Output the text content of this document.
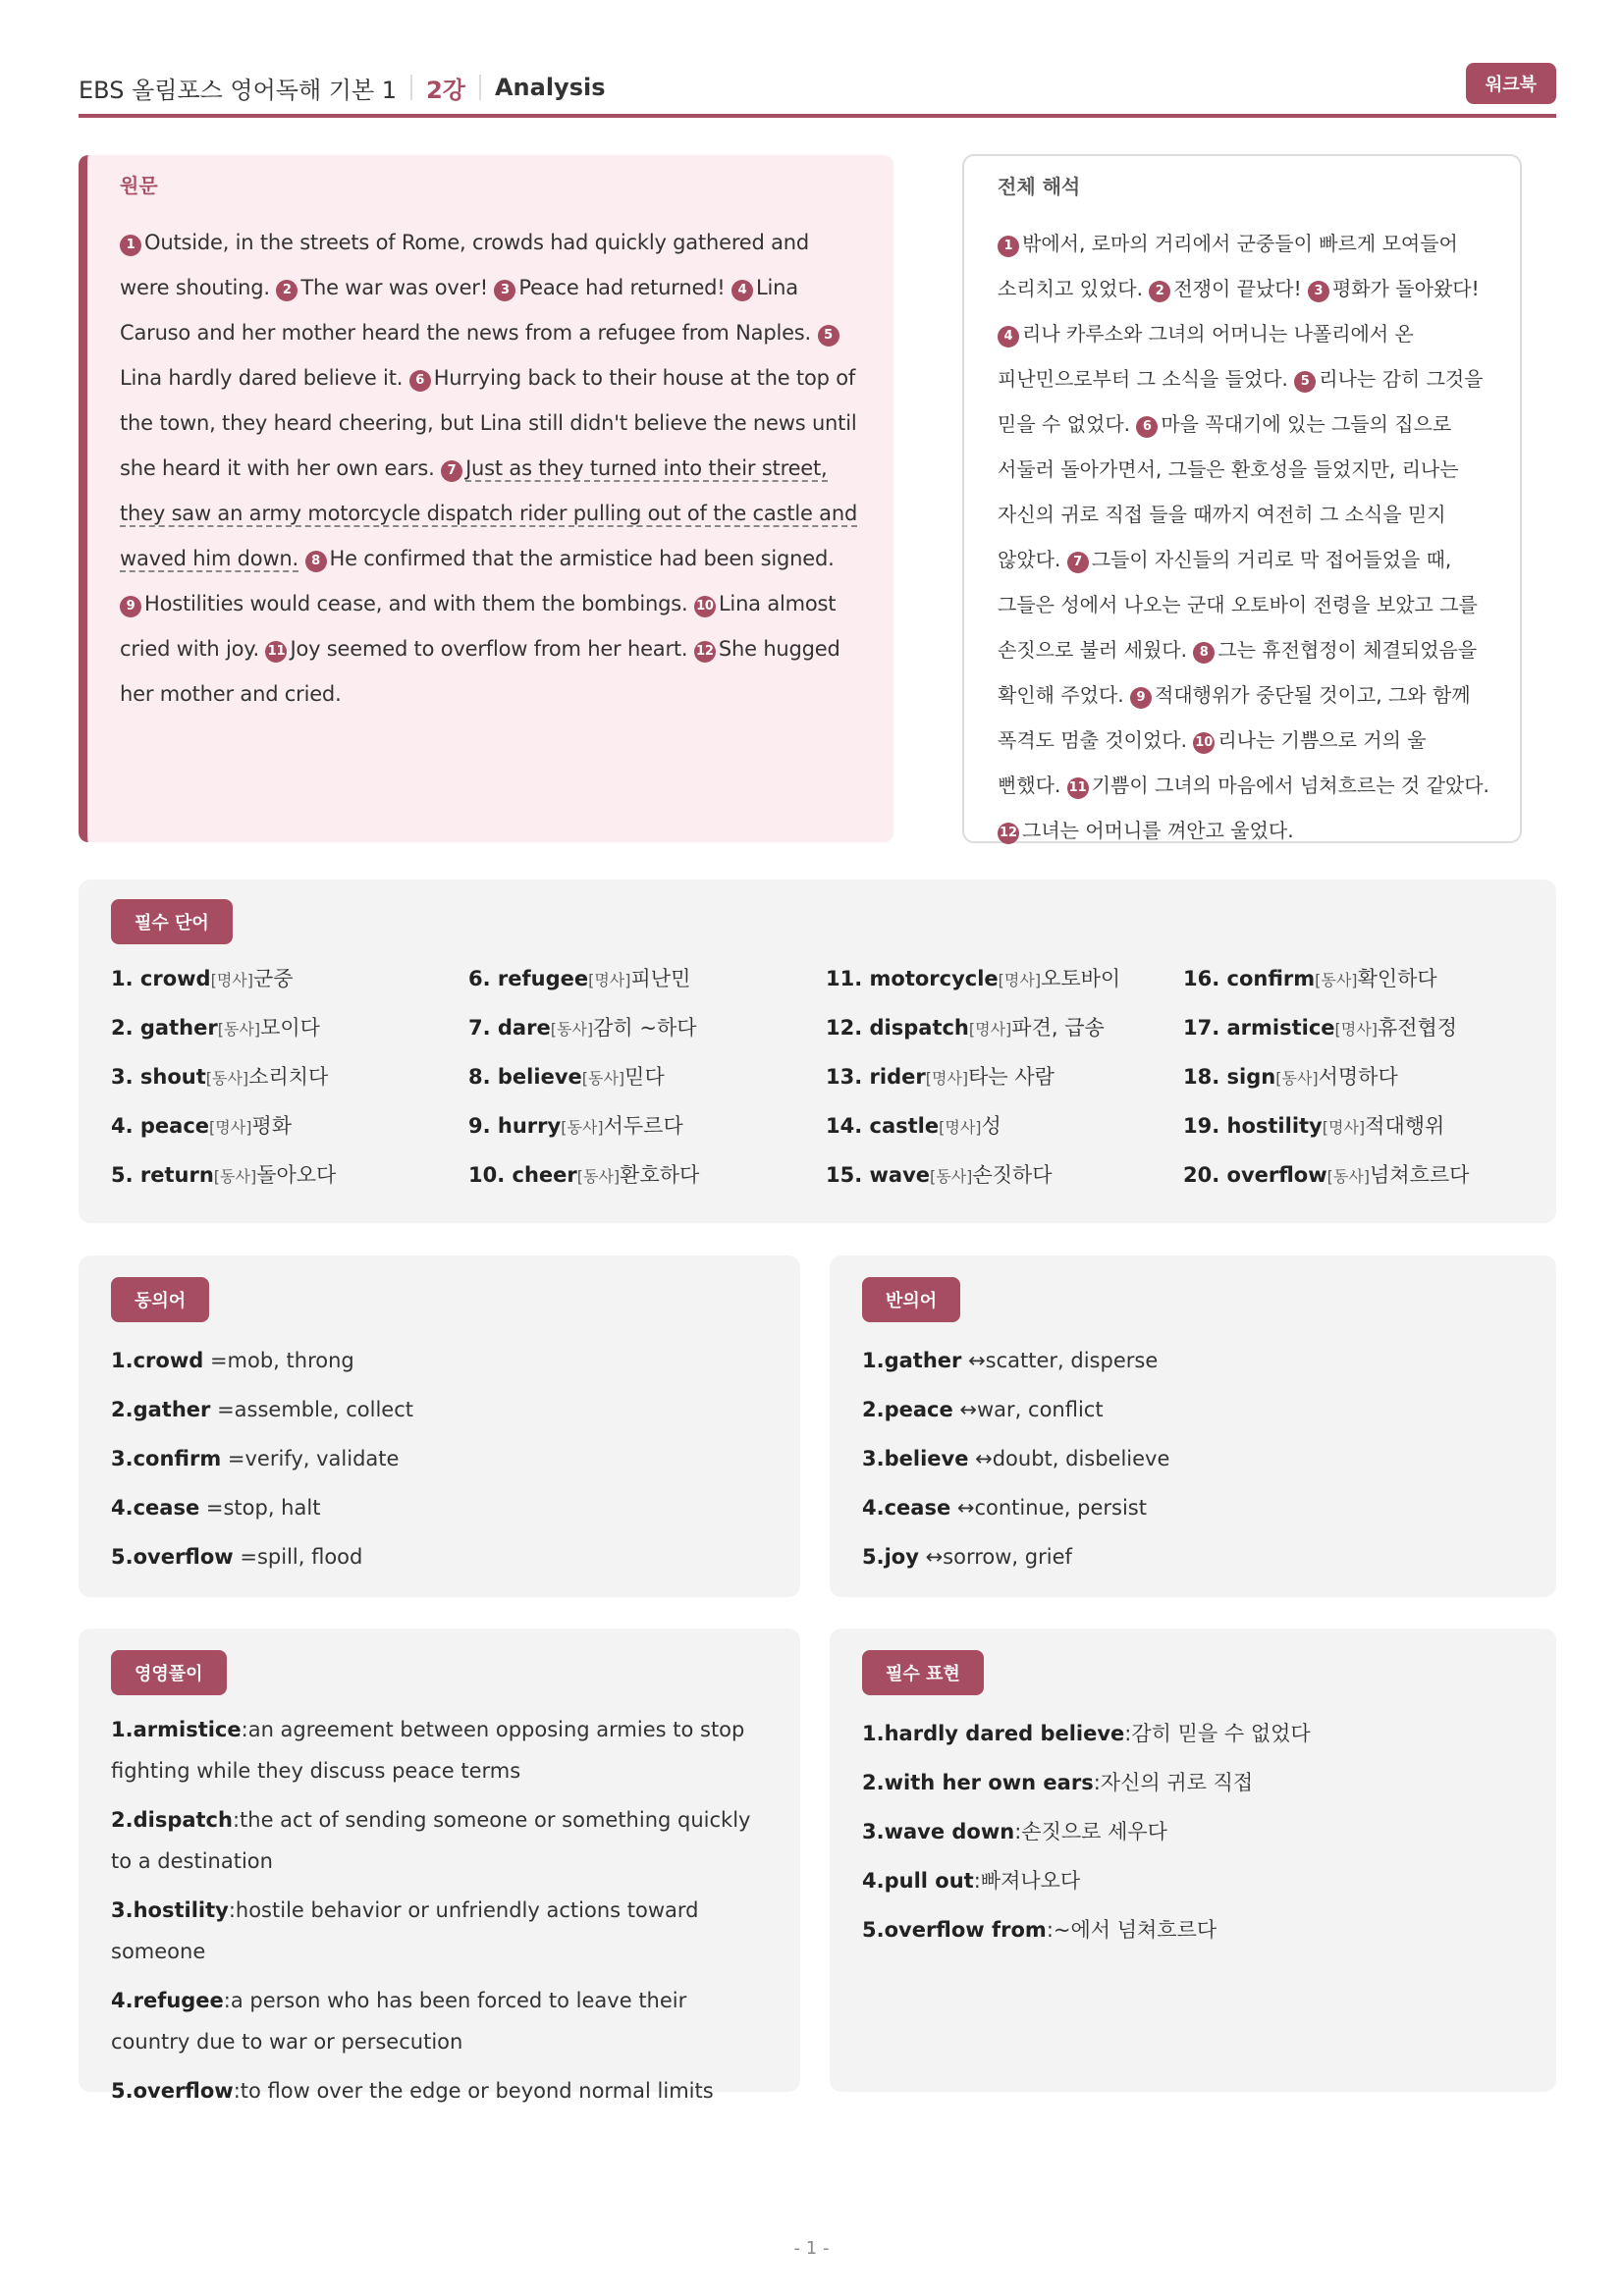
EBS 올림포스 영어독해 기본 1 2강 Analysis	워크북
원문
1 Outside, in the streets of Rome, crowds had quickly gathered and were shouting. 2 The war was over! 3 Peace had returned! 4 Lina Caruso and her mother heard the news from a refugee from Naples. 5Lina hardly dared believe it. 6 Hurrying back to their house at the top of the town, they heard cheering, but Lina still didn't believe the news until she heard it with her own ears. 7 Just as they turned into their street, they saw an army motorcycle dispatch rider pulling out of the castle and waved him down. 8 He confirmed that the armistice had been signed. 9 Hostilities would cease, and with them the bombings. 10 Lina almost cried with joy. 11 Joy seemed to overflow from her heart. 12 She hugged her mother and cried.
전체 해석
1 밖에서, 로마의 거리에서 군중들이 빠르게 모여들어 소리치고 있었다. 2 전쟁이 끝났다! 3 평화가 돌아왔다! 4 리나 카루소와 그녀의 어머니는 나폴리에서 온 피난민으로부터 그 소식을 들었다. 5 리나는 감히 그것을 믿을 수 없었다. 6 마을 꼭대기에 있는 그들의 집으로 서둘러 돌아가면서, 그들은 환호성을 들었지만, 리나는 자신의 귀로 직접 들을 때까지 여전히 그 소식을 믿지 않았다. 7 그들이 자신들의 거리로 막 접어들었을 때, 그들은 성에서 나오는 군대 오토바이 전령을 보았고 그를 손짓으로 불러 세웠다. 8 그는 휴전협정이 체결되었음을 확인해 주었다. 9 적대행위가 중단될 것이고, 그와 함께 폭격도 멈출 것이었다. 10 리나는 기쁨으로 거의 울 뻔했다. 11 기쁨이 그녀의 마음에서 넘쳐흐르는 것 같았다. 12 그녀는 어머니를 껴안고 울었다.
필수 단어
1. crowd[명사]군중
2. gather[동사]모이다
3. shout[동사]소리치다
4. peace[명사]평화
5. return[동사]돌아오다
6. refugee[명사]피난민
7. dare[동사]감히 ~하다
8. believe[동사]믿다
9. hurry[동사]서두르다
10. cheer[동사]환호하다
11. motorcycle[명사]오토바이
12. dispatch[명사]파견, 급송
13. rider[명사]타는 사람
14. castle[명사]성
15. wave[동사]손짓하다
16. confirm[동사]확인하다
17. armistice[명사]휴전협정
18. sign[동사]서명하다
19. hostility[명사]적대행위
20. overflow[동사]넘쳐흐르다
동의어
1.crowd =mob, throng
2.gather =assemble, collect
3.confirm =verify, validate
4.cease =stop, halt
5.overflow =spill, flood
반의어
1.gather ↔scatter, disperse
2.peace ↔war, conflict
3.believe ↔doubt, disbelieve
4.cease ↔continue, persist
5.joy ↔sorrow, grief
영영풀이
1.armistice:an agreement between opposing armies to stop fighting while they discuss peace terms
2.dispatch:the act of sending someone or something quickly to a destination
3.hostility:hostile behavior or unfriendly actions toward someone
4.refugee:a person who has been forced to leave their country due to war or persecution
5.overflow:to flow over the edge or beyond normal limits
필수 표현
1.hardly dared believe:감히 믿을 수 없었다
2.with her own ears:자신의 귀로 직접
3.wave down:손짓으로 세우다
4.pull out:빠져나오다
5.overflow from:~에서 넘쳐흐르다
- 1 -
